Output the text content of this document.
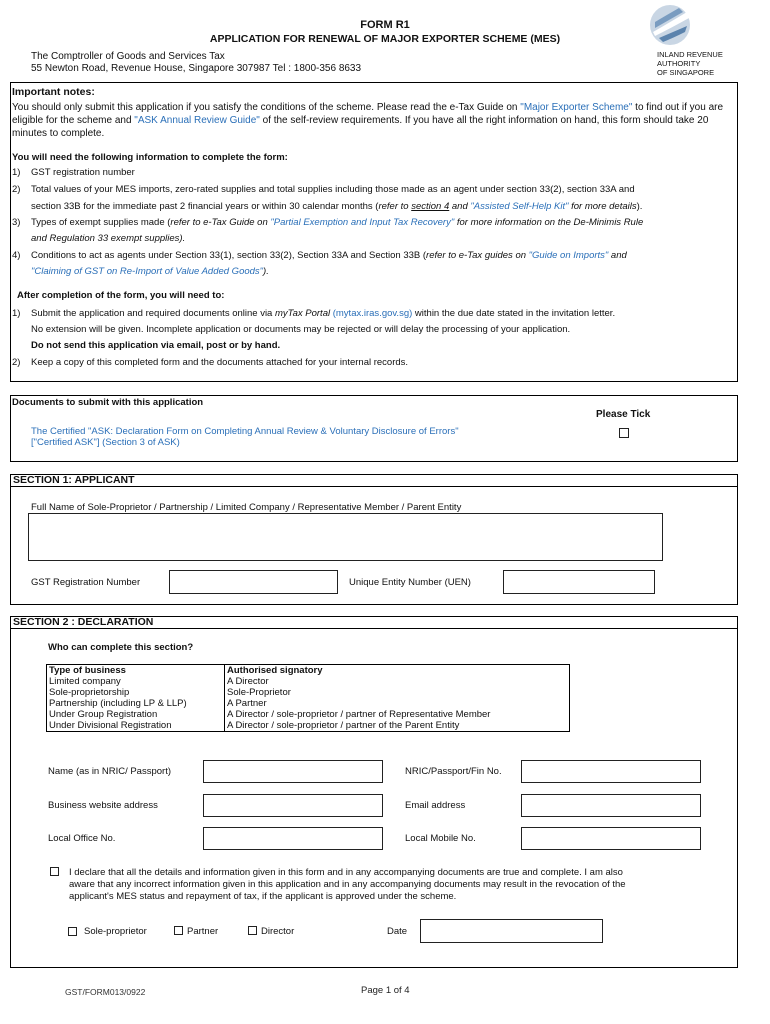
FORM R1
APPLICATION FOR RENEWAL OF MAJOR EXPORTER SCHEME (MES)
The Comptroller of Goods and Services Tax
55 Newton Road, Revenue House, Singapore 307987 Tel : 1800-356 8633
INLAND REVENUE
AUTHORITY
OF SINGAPORE
Important notes:
You should only submit this application if you satisfy the conditions of the scheme. Please read the e-Tax Guide on "Major Exporter Scheme" to find out if you are eligible for the scheme and "ASK Annual Review Guide" of the self-review requirements. If you have all the right information on hand, this form should take 20 minutes to complete.
You will need the following information to complete the form:
1) GST registration number
2) Total values of your MES imports, zero-rated supplies and total supplies including those made as an agent under section 33(2), section 33A and
section 33B for the immediate past 2 financial years or within 30 calendar months (refer to section 4 and "Assisted Self-Help Kit" for more details).
3) Types of exempt supplies made (refer to e-Tax Guide on "Partial Exemption and Input Tax Recovery" for more information on the De-Minimis Rule
and Regulation 33 exempt supplies).
4) Conditions to act as agents under Section 33(1), section 33(2), Section 33A and Section 33B (refer to e-Tax guides on "Guide on Imports" and
"Claiming of GST on Re-Import of Value Added Goods").
After completion of the form, you will need to:
1) Submit the application and required documents online via myTax Portal (mytax.iras.gov.sg) within the due date stated in the invitation letter.
No extension will be given. Incomplete application or documents may be rejected or will delay the processing of your application.
Do not send this application via email, post or by hand.
2) Keep a copy of this completed form and the documents attached for your internal records.
Documents to submit with this application
Please Tick
The Certified "ASK: Declaration Form on Completing Annual Review & Voluntary Disclosure of Errors"
["Certified ASK"] (Section 3 of ASK)
SECTION 1: APPLICANT
Full Name of Sole-Proprietor / Partnership / Limited Company / Representative Member / Parent Entity
GST Registration Number	Unique Entity Number (UEN)
SECTION 2 : DECLARATION
Who can complete this section?
Type of business	Authorised signatory
Limited company	A Director
Sole-proprietorship	Sole-Proprietor
Partnership (including LP & LLP)	A Partner
Under Group Registration	A Director / sole-proprietor / partner of Representative Member
Under Divisional Registration	A Director / sole-proprietor / partner of the Parent Entity
Name (as in NRIC/ Passport)	NRIC/Passport/Fin No.
Business website address	Email address
Local Office No.	Local Mobile No.
I declare that all the details and information given in this form and in any accompanying documents are true and complete. I am also
aware that any incorrect information given in this application and in any accompanying documents may result in the revocation of the
applicant's MES status and repayment of tax, if the applicant is approved under the scheme.
Sole-proprietor	Partner	Director	Date
GST/FORM013/0922	Page 1 of 4
